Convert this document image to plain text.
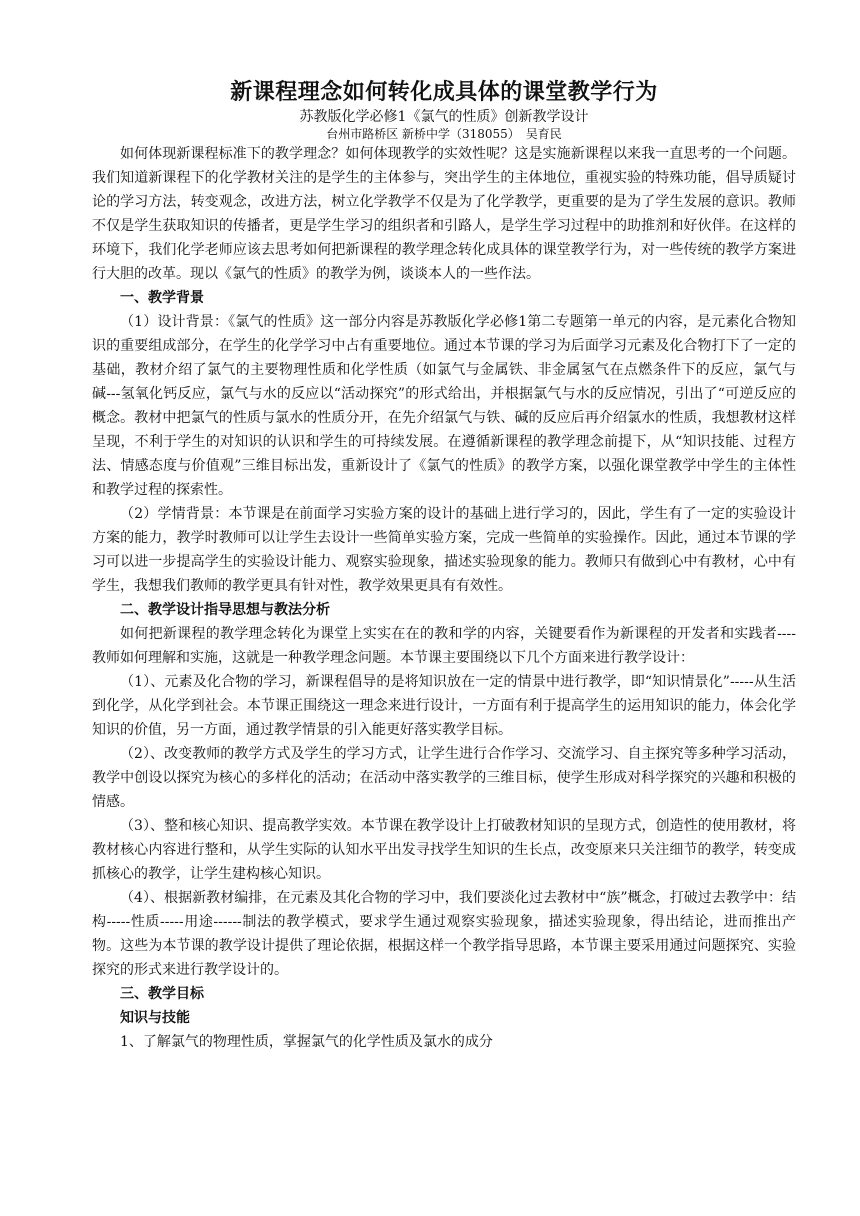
新课程理念如何转化成具体的课堂教学行为

苏教版化学必修1《氯气的性质》创新教学设计

台州市路桥区 新桥中学（318055）　吴育民

如何体现新课程标准下的教学理念？如何体现教学的实效性呢？这是实施新课程以来我一直思考的一个问题。我们知道新课程下的化学教材关注的是学生的主体参与，突出学生的主体地位，重视实验的特殊功能，倡导质疑讨论的学习方法，转变观念，改进方法，树立化学教学不仅是为了化学教学，更重要的是为了学生发展的意识。教师不仅是学生获取知识的传播者，更是学生学习的组织者和引路人，是学生学习过程中的助推剂和好伙伴。在这样的环境下，我们化学老师应该去思考如何把新课程的教学理念转化成具体的课堂教学行为，对一些传统的教学方案进行大胆的改革。现以《氯气的性质》的教学为例，谈谈本人的一些作法。

一、教学背景

（1）设计背景：《氯气的性质》这一部分内容是苏教版化学必修1第二专题第一单元的内容，是元素化合物知识的重要组成部分，在学生的化学学习中占有重要地位。通过本节课的学习为后面学习元素及化合物打下了一定的基础，教材介绍了氯气的主要物理性质和化学性质（如氯气与金属铁、非金属氢气在点燃条件下的反应，氯气与碱---氢氧化钙反应，氯气与水的反应以“活动探究”的形式给出，并根据氯气与水的反应情况，引出了“可逆反应的概念。教材中把氯气的性质与氯水的性质分开，在先介绍氯气与铁、碱的反应后再介绍氯水的性质，我想教材这样呈现，不利于学生的对知识的认识和学生的可持续发展。在遵循新课程的教学理念前提下，从“知识技能、过程方法、情感态度与价值观”三维目标出发，重新设计了《氯气的性质》的教学方案，以强化课堂教学中学生的主体性和教学过程的探索性。

（2）学情背景：本节课是在前面学习实验方案的设计的基础上进行学习的，因此，学生有了一定的实验设计方案的能力，教学时教师可以让学生去设计一些简单实验方案，完成一些简单的实验操作。因此，通过本节课的学习可以进一步提高学生的实验设计能力、观察实验现象，描述实验现象的能力。教师只有做到心中有教材，心中有学生，我想我们教师的教学更具有针对性，教学效果更具有有效性。

二、教学设计指导思想与教法分析

如何把新课程的教学理念转化为课堂上实实在在的教和学的内容，关键要看作为新课程的开发者和实践者----教师如何理解和实施，这就是一种教学理念问题。本节课主要围绕以下几个方面来进行教学设计：

（1）、元素及化合物的学习，新课程倡导的是将知识放在一定的情景中进行教学，即“知识情景化”-----从生活到化学，从化学到社会。本节课正围绕这一理念来进行设计，一方面有利于提高学生的运用知识的能力，体会化学知识的价值，另一方面，通过教学情景的引入能更好落实教学目标。

（2）、改变教师的教学方式及学生的学习方式，让学生进行合作学习、交流学习、自主探究等多种学习活动，教学中创设以探究为核心的多样化的活动；在活动中落实教学的三维目标，使学生形成对科学探究的兴趣和积极的情感。

（3）、整和核心知识、提高教学实效。本节课在教学设计上打破教材知识的呈现方式，创造性的使用教材，将教材核心内容进行整和，从学生实际的认知水平出发寻找学生知识的生长点，改变原来只关注细节的教学，转变成抓核心的教学，让学生建构核心知识。

（4）、根据新教材编排，在元素及其化合物的学习中，我们要淡化过去教材中“族”概念，打破过去教学中：结构-----性质-----用途------制法的教学模式，要求学生通过观察实验现象，描述实验现象，得出结论，进而推出产物。这些为本节课的教学设计提供了理论依据，根据这样一个教学指导思路，本节课主要采用通过问题探究、实验探究的形式来进行教学设计的。

三、教学目标

知识与技能

1、了解氯气的物理性质，掌握氯气的化学性质及氯水的成分
